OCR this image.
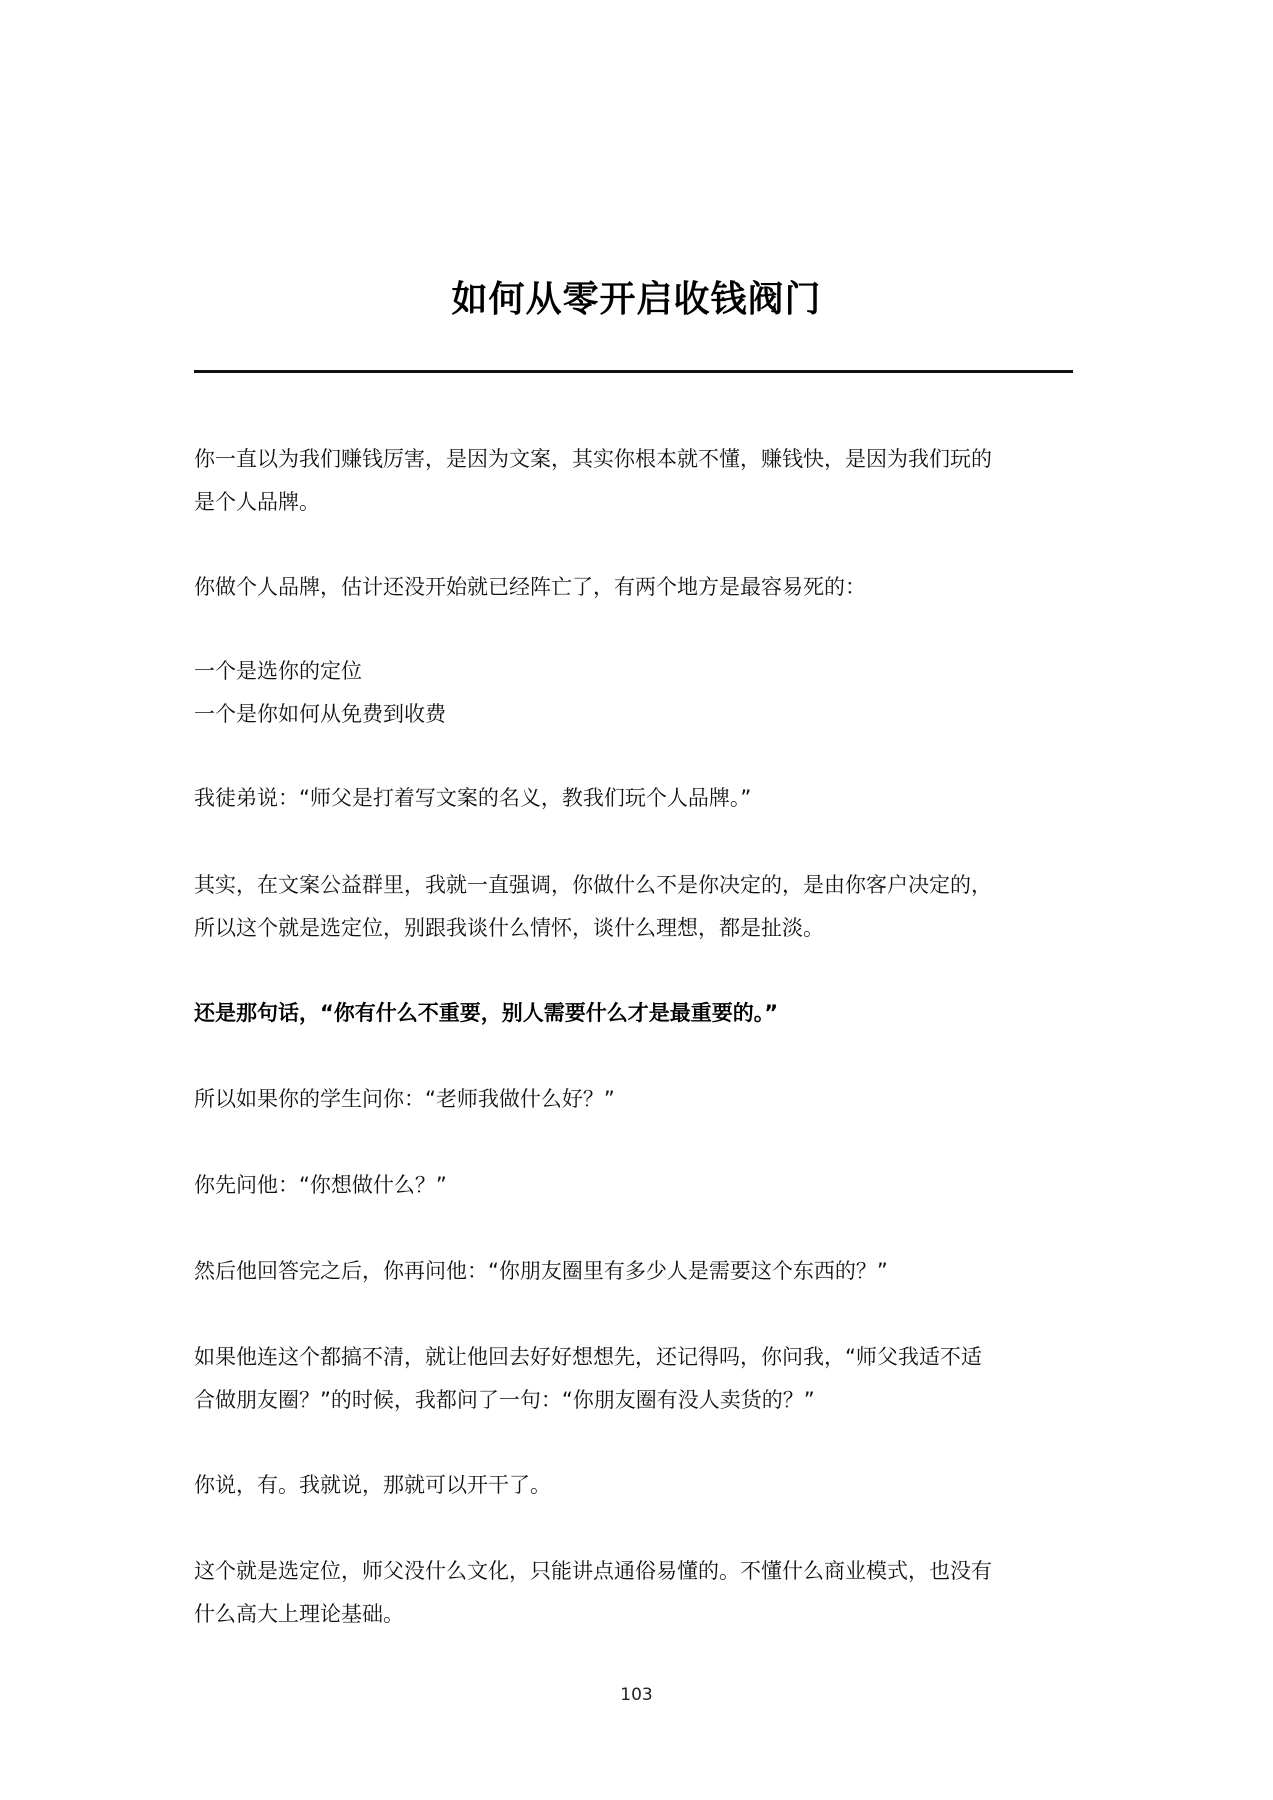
如何从零开启收钱阀门

你一直以为我们赚钱厉害，是因为文案，其实你根本就不懂，赚钱快，是因为我们玩的
是个人品牌。

你做个人品牌，估计还没开始就已经阵亡了，有两个地方是最容易死的：

一个是选你的定位
一个是你如何从免费到收费

我徒弟说：“师父是打着写文案的名义，教我们玩个人品牌。”

其实，在文案公益群里，我就一直强调，你做什么不是你决定的，是由你客户决定的，
所以这个就是选定位，别跟我谈什么情怀，谈什么理想，都是扯淡。

还是那句话，“你有什么不重要，别人需要什么才是最重要的。”

所以如果你的学生问你：“老师我做什么好？”

你先问他：“你想做什么？”

然后他回答完之后，你再问他：“你朋友圈里有多少人是需要这个东西的？”

如果他连这个都搞不清，就让他回去好好想想先，还记得吗，你问我，“师父我适不适
合做朋友圈？”的时候，我都问了一句：“你朋友圈有没人卖货的？”

你说，有。我就说，那就可以开干了。

这个就是选定位，师父没什么文化，只能讲点通俗易懂的。不懂什么商业模式，也没有
什么高大上理论基础。

103
